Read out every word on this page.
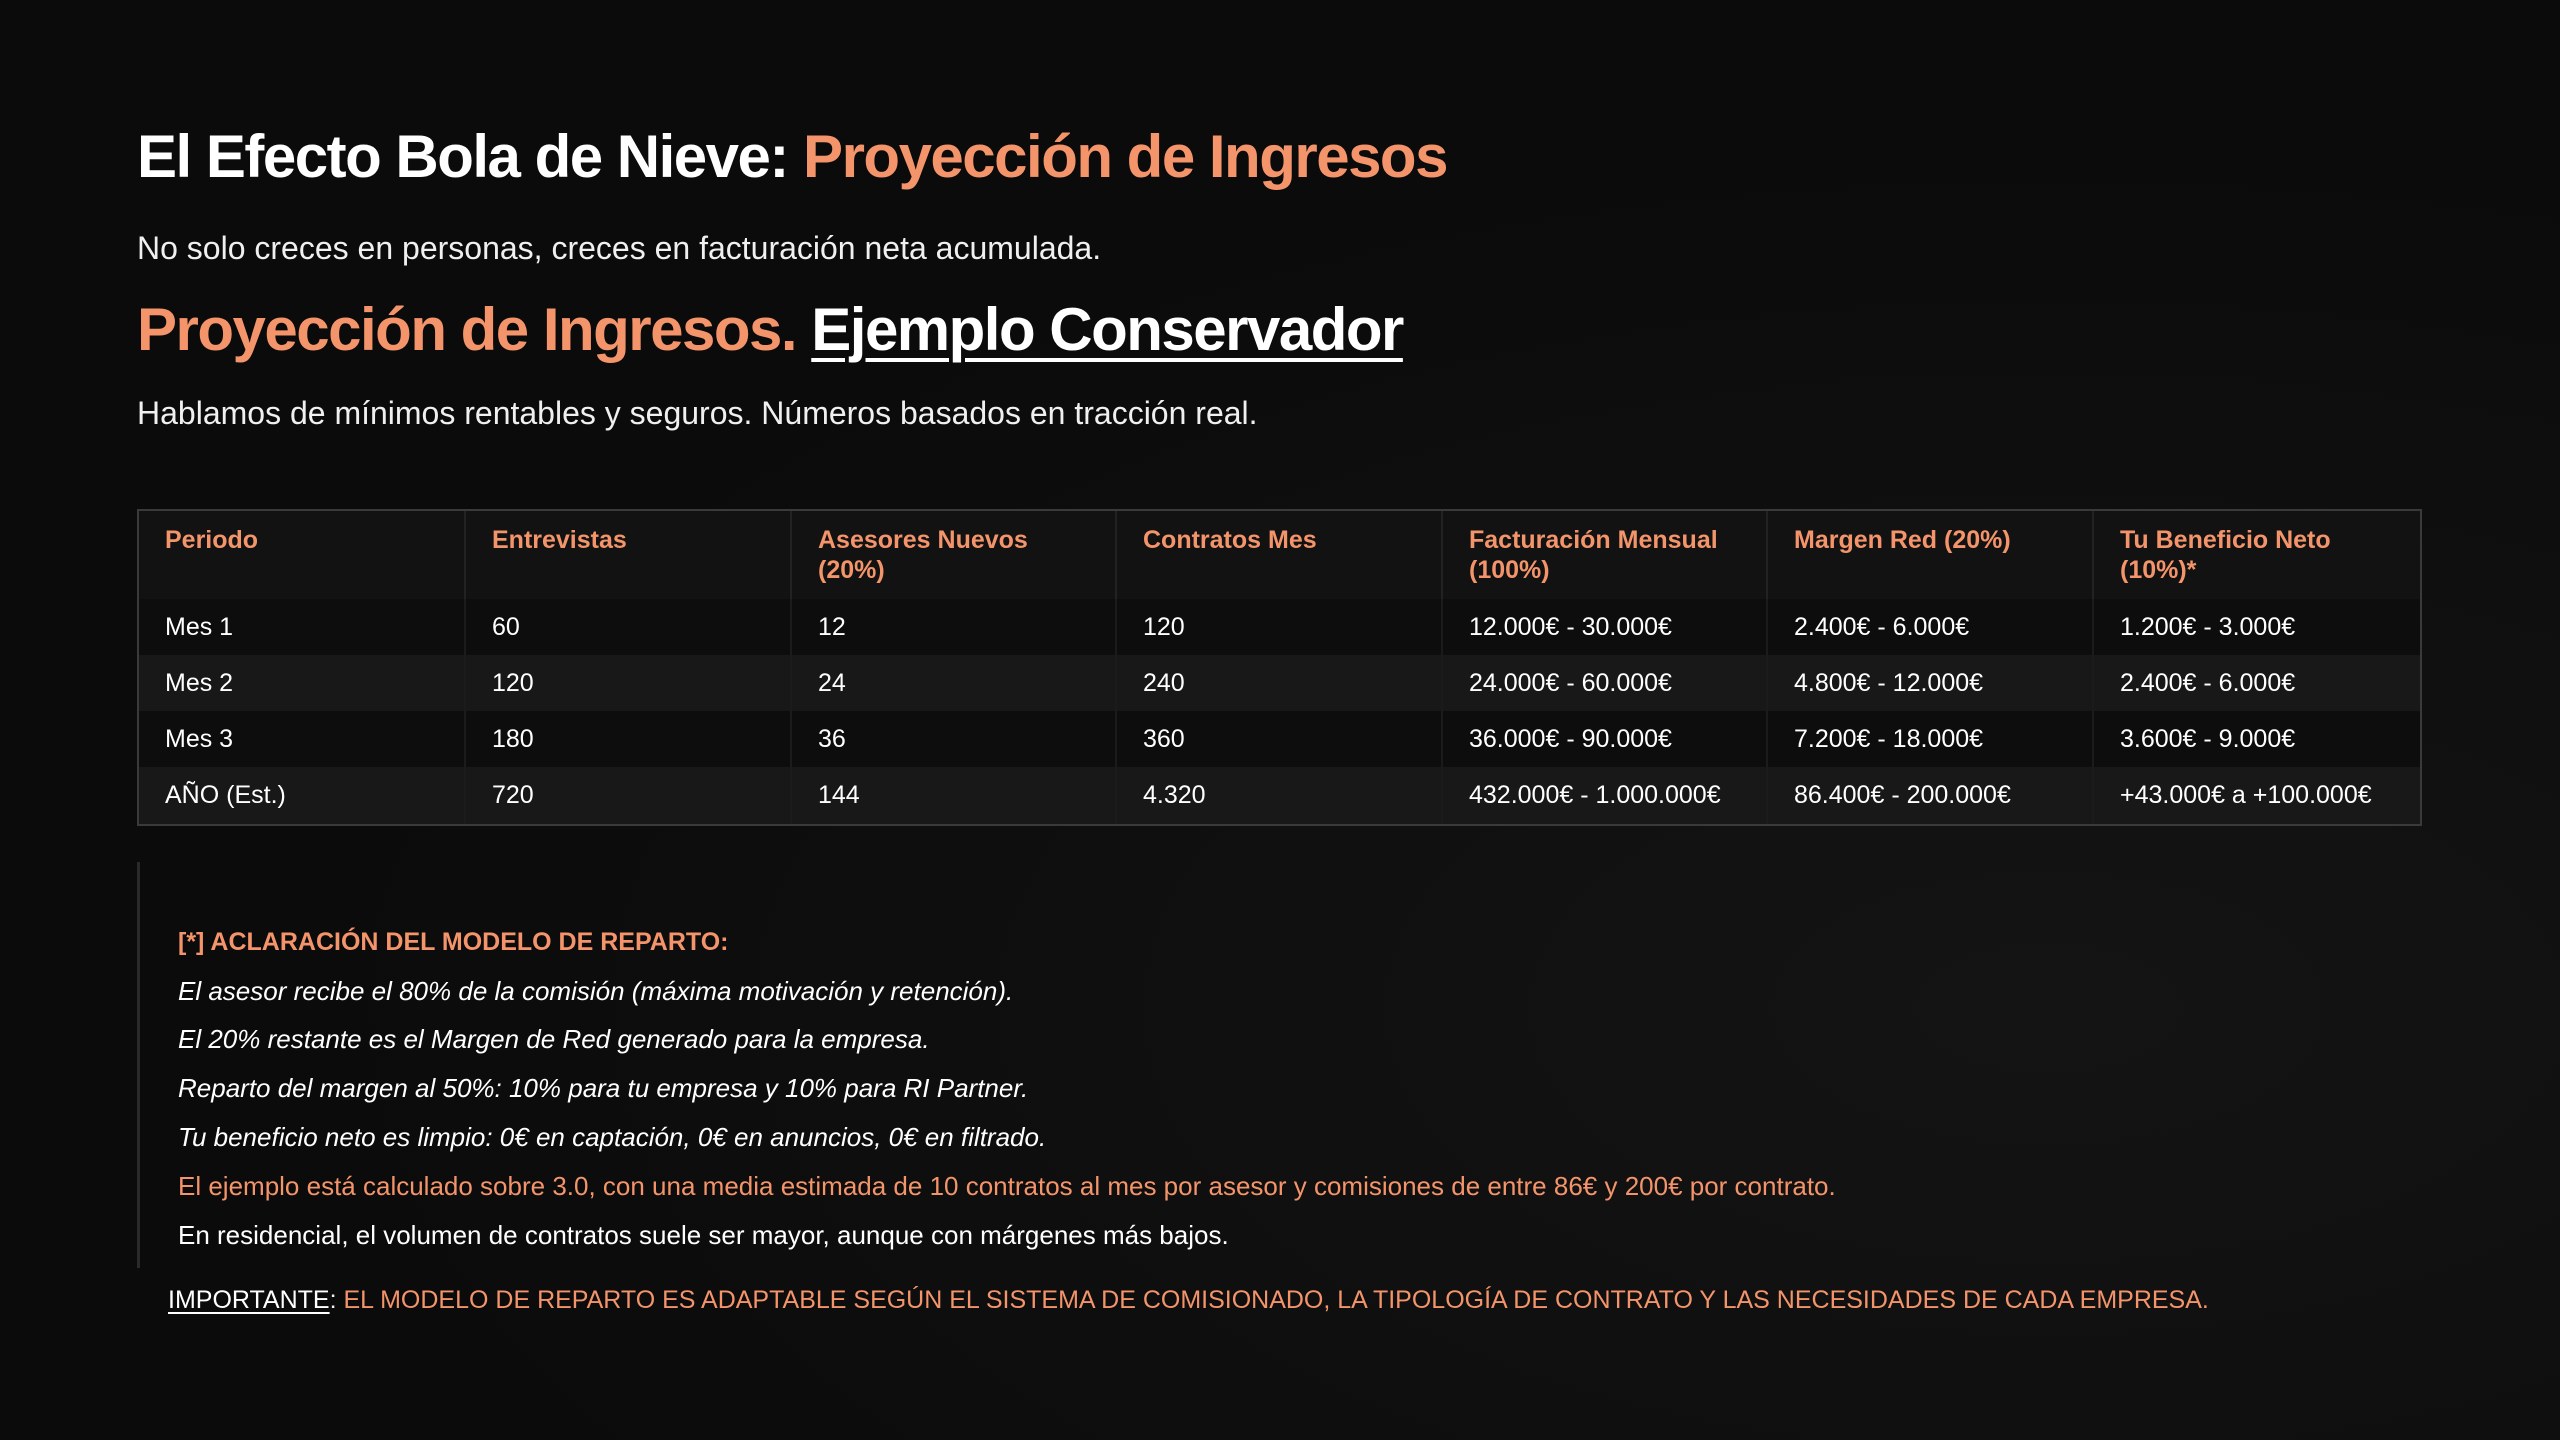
El Efecto Bola de Nieve: Proyección de Ingresos
No solo creces en personas, creces en facturación neta acumulada.
Proyección de Ingresos. Ejemplo Conservador
Hablamos de mínimos rentables y seguros. Números basados en tracción real.
Periodo	Entrevistas	Asesores Nuevos (20%)	Contratos Mes	Facturación Mensual (100%)	Margen Red (20%)	Tu Beneficio Neto (10%)*
Mes 1	60	12	120	12.000€ - 30.000€	2.400€ - 6.000€	1.200€ - 3.000€
Mes 2	120	24	240	24.000€ - 60.000€	4.800€ - 12.000€	2.400€ - 6.000€
Mes 3	180	36	360	36.000€ - 90.000€	7.200€ - 18.000€	3.600€ - 9.000€
AÑO (Est.)	720	144	4.320	432.000€ - 1.000.000€	86.400€ - 200.000€	+43.000€ a +100.000€
[*] ACLARACIÓN DEL MODELO DE REPARTO:
El asesor recibe el 80% de la comisión (máxima motivación y retención).
El 20% restante es el Margen de Red generado para la empresa.
Reparto del margen al 50%: 10% para tu empresa y 10% para RI Partner.
Tu beneficio neto es limpio: 0€ en captación, 0€ en anuncios, 0€ en filtrado.
El ejemplo está calculado sobre 3.0, con una media estimada de 10 contratos al mes por asesor y comisiones de entre 86€ y 200€ por contrato.
En residencial, el volumen de contratos suele ser mayor, aunque con márgenes más bajos.
IMPORTANTE: EL MODELO DE REPARTO ES ADAPTABLE SEGÚN EL SISTEMA DE COMISIONADO, LA TIPOLOGÍA DE CONTRATO Y LAS NECESIDADES DE CADA EMPRESA.
